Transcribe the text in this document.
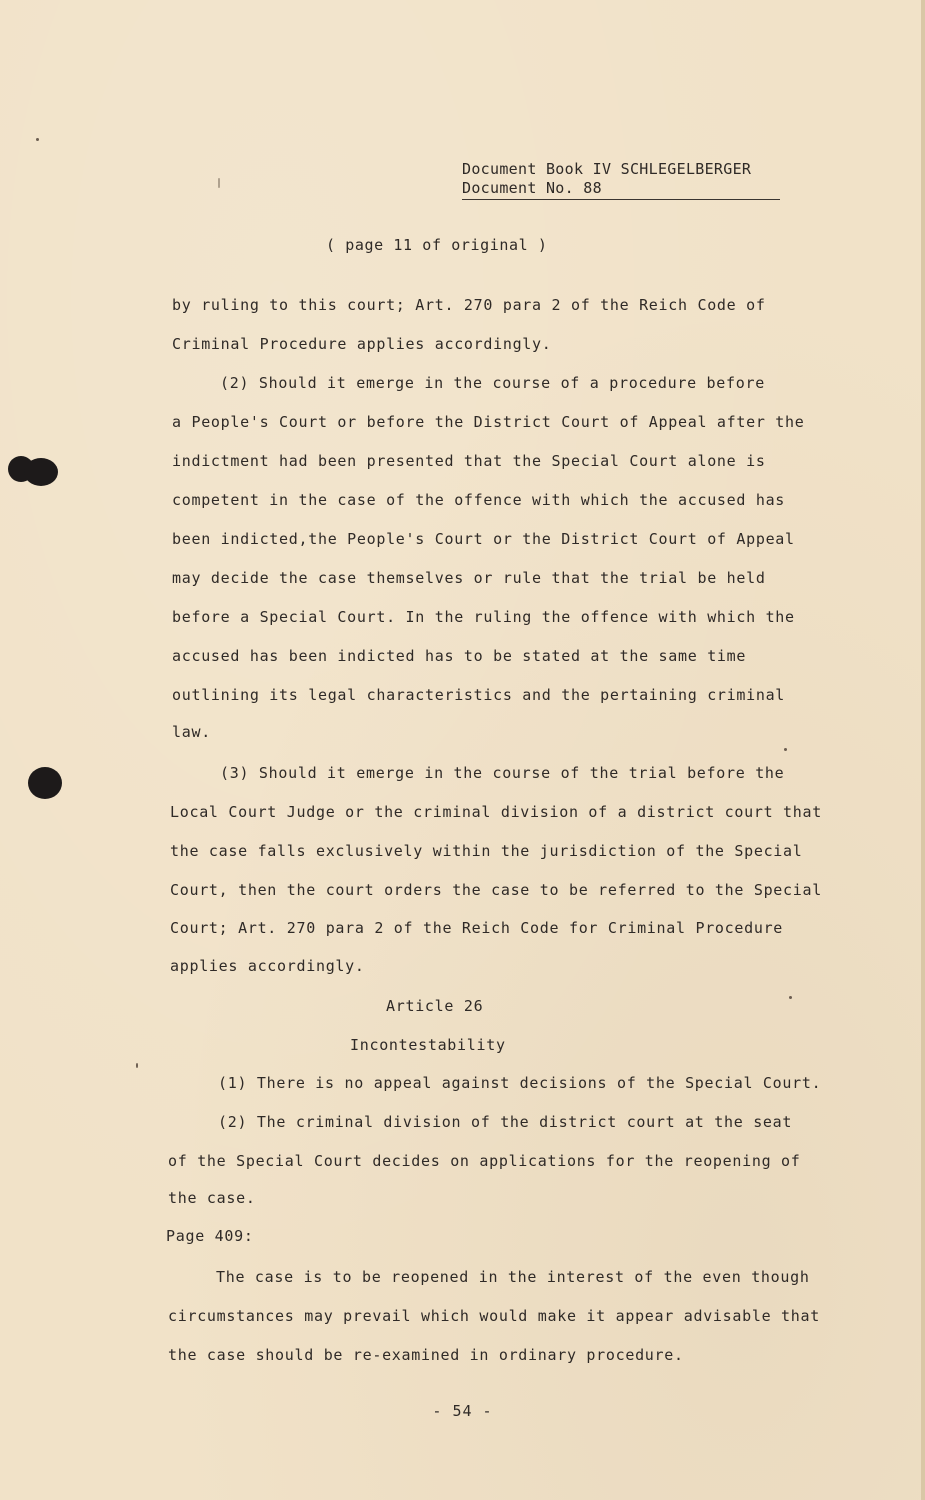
Document Book IV SCHLEGELBERGER
Document No. 88
( page 11 of original )
by ruling to this court; Art. 270 para 2 of the Reich Code of
Criminal Procedure applies accordingly.
(2) Should it emerge in the course of a procedure before
a People's Court or before the District Court of Appeal after the
indictment had been presented that the Special Court alone is
competent in the case of the offence with which the accused has
been indicted,the People's Court or the District Court of Appeal
may decide the case themselves or rule that the trial be held
before a Special Court. In the ruling the offence with which the
accused has been indicted has to be stated at the same time
outlining its legal characteristics and the pertaining criminal
law.
(3) Should it emerge in the course of the trial before the
Local Court Judge or the criminal division of a district court that
the case falls exclusively within the jurisdiction of the Special
Court, then the court orders the case to be referred to the Special
Court; Art. 270 para 2 of the Reich Code for Criminal Procedure
applies accordingly.
Article 26
Incontestability
(1) There is no appeal against decisions of the Special Court.
(2) The criminal division of the district court at the seat
of the Special Court decides on applications for the reopening of
the case.
Page 409:
The case is to be reopened in the interest of the even though
circumstances may prevail which would make it appear advisable that
the case should be re-examined in ordinary procedure.
- 54 -
